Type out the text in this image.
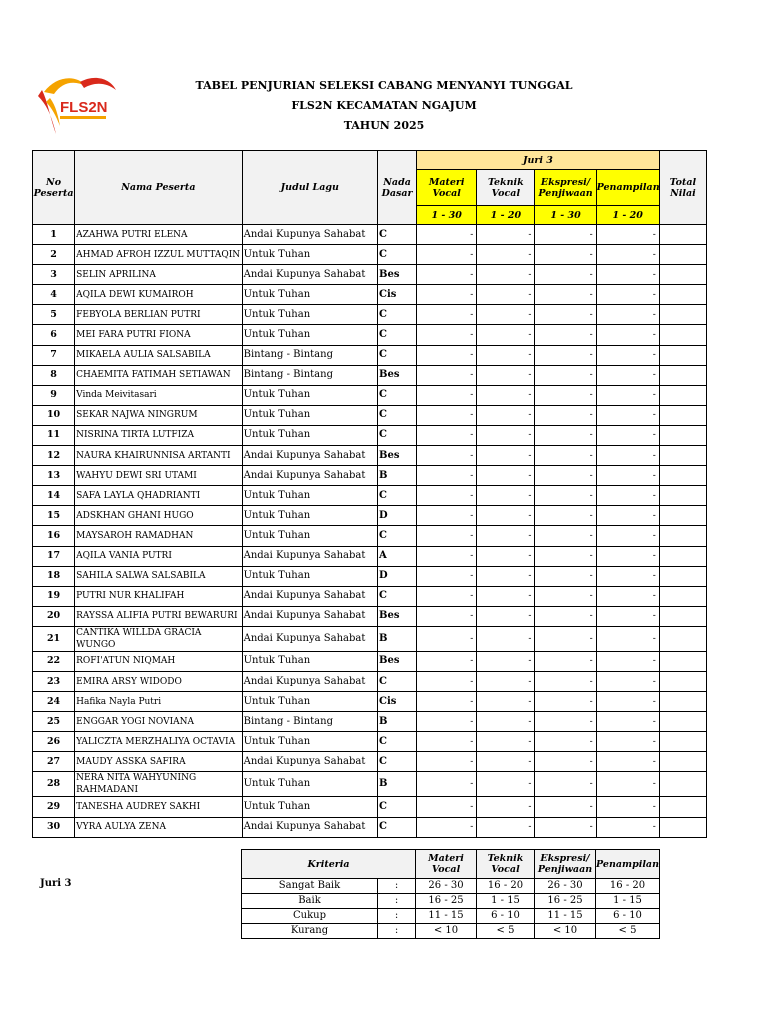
FLS2N
TABEL PENJURIAN SELEKSI CABANG MENYANYI TUNGGAL
FLS2N KECAMATAN NGAJUM
TAHUN 2025
No Peserta	Nama Peserta	Judul Lagu	Nada Dasar	Juri 3				Total Nilai
				Materi Vocal	Teknik Vocal	Ekspresi/ Penjiwaan	Penampilan	
				1 - 30	1 - 20	1 - 30	1 - 20	
1	AZAHWA PUTRI ELENA	Andai Kupunya Sahabat	C	-	-	-	-	
2	AHMAD AFROH IZZUL MUTTAQIN	Untuk Tuhan	C	-	-	-	-	
3	SELIN APRILINA	Andai Kupunya Sahabat	Bes	-	-	-	-	
4	AQILA DEWI KUMAIROH	Untuk Tuhan	Cis	-	-	-	-	
5	FEBYOLA BERLIAN PUTRI	Untuk Tuhan	C	-	-	-	-	
6	MEI FARA PUTRI FIONA	Untuk Tuhan	C	-	-	-	-	
7	MIKAELA AULIA SALSABILA	Bintang - Bintang	C	-	-	-	-	
8	CHAEMITA FATIMAH SETIAWAN	Bintang - Bintang	Bes	-	-	-	-	
9	Vinda Meivitasari	Untuk Tuhan	C	-	-	-	-	
10	SEKAR NAJWA NINGRUM	Untuk Tuhan	C	-	-	-	-	
11	NISRINA TIRTA LUTFIZA	Untuk Tuhan	C	-	-	-	-	
12	NAURA KHAIRUNNISA ARTANTI	Andai Kupunya Sahabat	Bes	-	-	-	-	
13	WAHYU DEWI SRI UTAMI	Andai Kupunya Sahabat	B	-	-	-	-	
14	SAFA LAYLA QHADRIANTI	Untuk Tuhan	C	-	-	-	-	
15	ADSKHAN GHANI HUGO	Untuk Tuhan	D	-	-	-	-	
16	MAYSAROH RAMADHAN	Untuk Tuhan	C	-	-	-	-	
17	AQILA VANIA PUTRI	Andai Kupunya Sahabat	A	-	-	-	-	
18	SAHILA SALWA SALSABILA	Untuk Tuhan	D	-	-	-	-	
19	PUTRI NUR KHALIFAH	Andai Kupunya Sahabat	C	-	-	-	-	
20	RAYSSA ALIFIA PUTRI BEWARURI	Andai Kupunya Sahabat	Bes	-	-	-	-	
21	CANTIKA WILLDA GRACIA WUNGO	Andai Kupunya Sahabat	B	-	-	-	-	
22	ROFI'ATUN NIQMAH	Untuk Tuhan	Bes	-	-	-	-	
23	EMIRA ARSY WIDODO	Andai Kupunya Sahabat	C	-	-	-	-	
24	Hafika Nayla Putri	Untuk Tuhan	Cis	-	-	-	-	
25	ENGGAR YOGI NOVIANA	Bintang - Bintang	B	-	-	-	-	
26	YALICZTA MERZHALIYA OCTAVIA	Untuk Tuhan	C	-	-	-	-	
27	MAUDY ASSKA SAFIRA	Andai Kupunya Sahabat	C	-	-	-	-	
28	NERA NITA WAHYUNING RAHMADANI	Untuk Tuhan	B	-	-	-	-	
29	TANESHA AUDREY SAKHI	Untuk Tuhan	C	-	-	-	-	
30	VYRA AULYA ZENA	Andai Kupunya Sahabat	C	-	-	-	-	
Juri 3
Kriteria		Materi Vocal	Teknik Vocal	Ekspresi/ Penjiwaan	Penampilan
Sangat Baik	:	26 - 30	16 - 20	26 - 30	16 - 20
Baik	:	16 - 25	1 - 15	16 - 25	1 - 15
Cukup	:	11 - 15	6 - 10	11 - 15	6 - 10
Kurang	:	< 10	< 5	< 10	< 5
